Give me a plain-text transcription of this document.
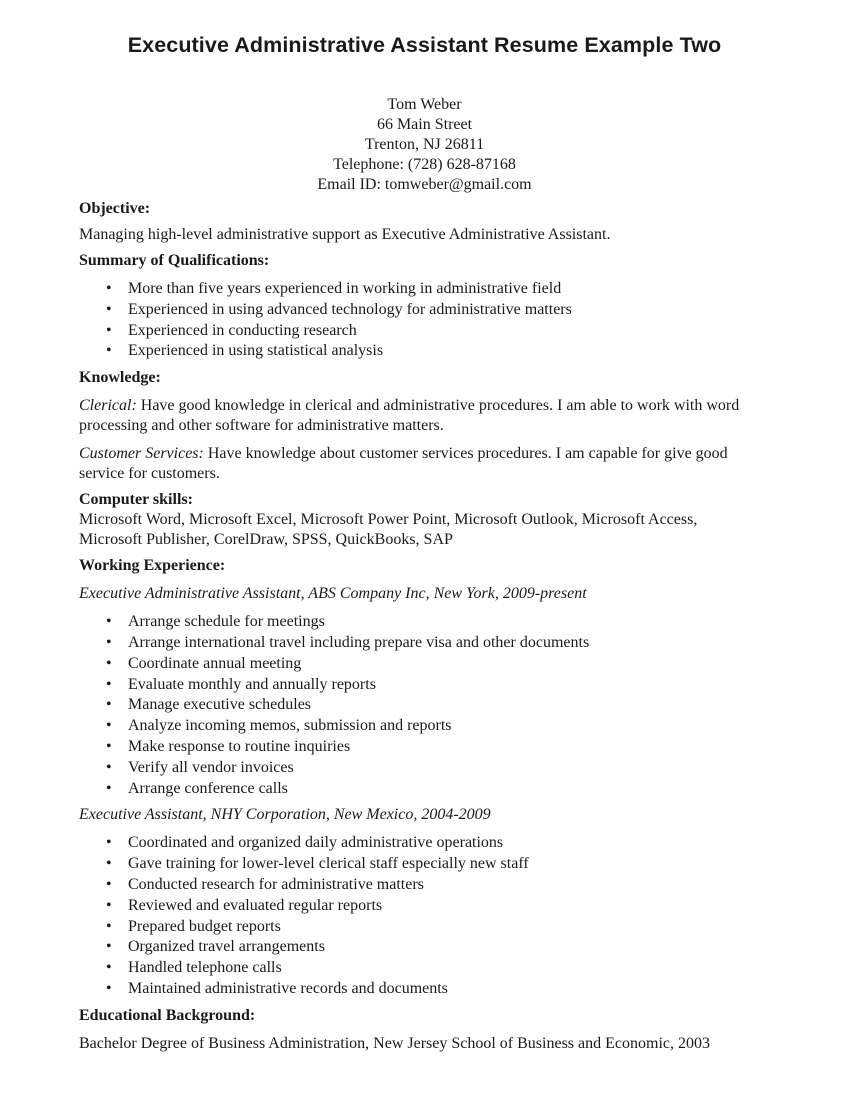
Executive Administrative Assistant Resume Example Two
Tom Weber
66 Main Street
Trenton, NJ 26811
Telephone: (728) 628-87168
Email ID: tomweber@gmail.com
Objective:
Managing high-level administrative support as Executive Administrative Assistant.
Summary of Qualifications:
• More than five years experienced in working in administrative field
• Experienced in using advanced technology for administrative matters
• Experienced in conducting research
• Experienced in using statistical analysis
Knowledge:
Clerical: Have good knowledge in clerical and administrative procedures. I am able to work with word
processing and other software for administrative matters.
Customer Services: Have knowledge about customer services procedures. I am capable for give good
service for customers.
Computer skills:
Microsoft Word, Microsoft Excel, Microsoft Power Point, Microsoft Outlook, Microsoft Access,
Microsoft Publisher, CorelDraw, SPSS, QuickBooks, SAP
Working Experience:
Executive Administrative Assistant, ABS Company Inc, New York, 2009-present
• Arrange schedule for meetings
• Arrange international travel including prepare visa and other documents
• Coordinate annual meeting
• Evaluate monthly and annually reports
• Manage executive schedules
• Analyze incoming memos, submission and reports
• Make response to routine inquiries
• Verify all vendor invoices
• Arrange conference calls
Executive Assistant, NHY Corporation, New Mexico, 2004-2009
• Coordinated and organized daily administrative operations
• Gave training for lower-level clerical staff especially new staff
• Conducted research for administrative matters
• Reviewed and evaluated regular reports
• Prepared budget reports
• Organized travel arrangements
• Handled telephone calls
• Maintained administrative records and documents
Educational Background:
Bachelor Degree of Business Administration, New Jersey School of Business and Economic, 2003
